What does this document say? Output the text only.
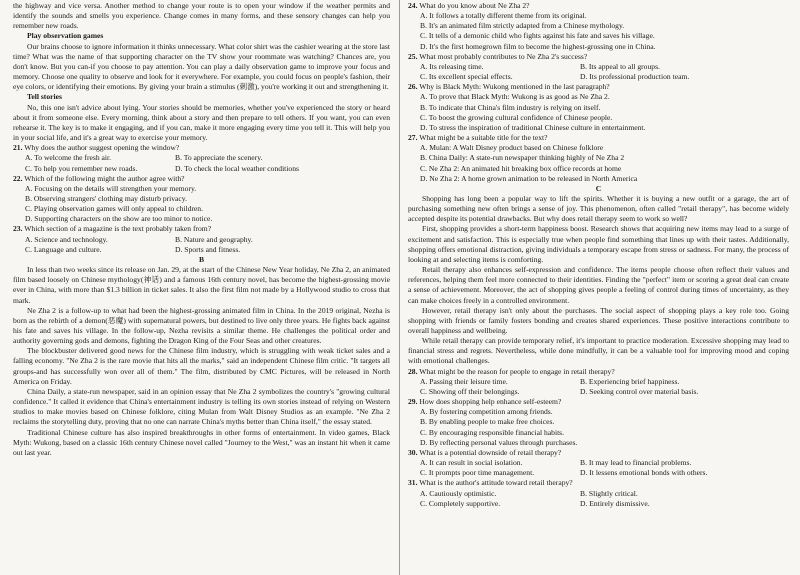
the highway and vice versa. Another method to change your route is to open your window if the weather permits and identify the sounds and smells you experience. Change comes in many forms, and these sensory changes can help you remember new roads.

Play observation games

Our brains choose to ignore information it thinks unnecessary. What color shirt was the cashier wearing at the store last time? What was the name of that supporting character on the TV show your roommate was watching? Chances are, you don't know. But you can-if you choose to pay attention. You can play a daily observation game to improve your focus and memory. Choose one quality to observe and look for it everywhere. For example, you could focus on people's fashion, their eye colors, or identifying their emotions. By giving your brain a stimulus (刺激), you're working it out and strengthening it.

Tell stories

No, this one isn't advice about lying. Your stories should be memories, whether you've experienced the story or heard about it from someone else. Every morning, think about a story and then prepare to tell others. If you want, you can even rehearse it. The key is to make it engaging, and if you can, make it more engaging every time you tell it. This will help you in your social life, and it's a great way to exercise your memory.

21. Why does the author suggest opening the window?

A. To welcome the fresh air.	B. To appreciate the scenery.
C. To help you remember new roads.	D. To check the local weather conditions

22. Which of the following might the author agree with?

A. Focusing on the details will strengthen your memory.

B. Observing strangers' clothing may disturb privacy.

C. Playing observation games will only appeal to children.

D. Supporting characters on the show are too minor to notice.

23. Which section of a magazine is the text probably taken from?

A. Science and technology.	B. Nature and geography.
C. Language and culture.	D. Sports and fitness.

B

In less than two weeks since its release on Jan. 29, at the start of the Chinese New Year holiday, Ne Zha 2, an animated film based loosely on Chinese mythology(神话) and a famous 16th century novel, has become the highest-grossing movie ever in China, with more than $1.3 billion in ticket sales. It also the first film not made by a Hollywood studio to cross that mark.

Ne Zha 2 is a follow-up to what had been the highest-grossing animated film in China. In the 2019 original, Nezha is born as the rebirth of a demon(恶魔) with supernatural powers, but destined to live only three years. He fights back against his fate and saves his village. In the follow-up, Nezha revisits a similar theme. He challenges the political order and authority governing gods and demons, fighting the Dragon King of the Four Seas and other creatures.

The blockbuster delivered good news for the Chinese film industry, which is struggling with weak ticket sales and a falling economy. "Ne Zha 2 is the rare movie that hits all the marks," said an independent Chinese film critic. "It targets all groups-and has successfully won over all of them." The film, distributed by CMC Pictures, will be released in North America on Friday.

China Daily, a state-run newspaper, said in an opinion essay that Ne Zha 2 symbolizes the country's "growing cultural confidence." It called it evidence that China's entertainment industry is telling its own stories instead of relying on Western studios to make movies based on Chinese folklore, citing Mulan from Walt Disney Studios as an example. "Ne Zha 2 reclaims the storytelling duty, proving that no one can narrate China's myths better than China itself," the essay stated.

Traditional Chinese culture has also inspired breakthroughs in other forms of entertainment. In video games, Black Myth: Wukong, based on a classic 16th century Chinese novel called "Journey to the West," was an instant hit when it came out last year.

24. What do you know about Ne Zha 2?

A. It follows a totally different theme from its original.

B. It's an animated film strictly adapted from a Chinese mythology.

C. It tells of a demonic child who fights against his fate and saves his village.

D. It's the first homegrown film to become the highest-grossing one in China.

25. What most probably contributes to Ne Zha 2's success?

A. Its releasing time.	B. Its appeal to all groups.
C. Its excellent special effects.	D. Its professional production team.

26. Why is Black Myth: Wukong mentioned in the last paragraph?

A. To prove that Black Myth: Wukong is as good as Ne Zha 2.

B. To indicate that China's film industry is relying on itself.

C. To boost the growing cultural confidence of Chinese people.

D. To stress the inspiration of traditional Chinese culture in entertainment.

27. What might be a suitable title for the text?

A. Mulan: A Walt Disney product based on Chinese folklore

B. China Daily: A state-run newspaper thinking highly of Ne Zha 2

C. Ne Zha 2: An animated hit breaking box office records at home

D. Ne Zha 2: A home grown animation to be released in North America

C

Shopping has long been a popular way to lift the spirits. Whether it is buying a new outfit or a garage, the art of purchasing something new often brings a sense of joy. This phenomenon, often called "retail therapy", has become widely accepted despite its potential drawbacks. But why does retail therapy seem to work so well?

First, shopping provides a short-term happiness boost. Research shows that acquiring new items may lead to a surge of excitement and satisfaction. This is especially true when people find something that lines up with their tastes. Additionally, shopping offers emotional distraction, giving individuals a temporary escape from stress or sadness. For many, the process of looking at and selecting items is comforting.

Retail therapy also enhances self-expression and confidence. The items people choose often reflect their values and references, helping them feel more connected to their identities. Finding the "perfect" item or scoring a great deal can create a sense of achievement. Moreover, the act of shopping gives people a feeling of control during times of uncertainty, as they can make choices freely in a controlled environment.

However, retail therapy isn't only about the purchases. The social aspect of shopping plays a key role too. Going shopping with friends or family fosters bonding and creates shared experiences. These positive interactions contribute to overall happiness and wellbeing.

While retail therapy can provide temporary relief, it's important to practice moderation. Excessive shopping may lead to financial stress and regrets. Nevertheless, while done mindfully, it can be a valuable tool for improving mood and coping with emotional challenges.

28. What might be the reason for people to engage in retail therapy?

A. Passing their leisure time.	B. Experiencing brief happiness.
C. Showing off their belongings.	D. Seeking control over material basis.

29. How does shopping help enhance self-esteem?

A. By fostering competition among friends.

B. By enabling people to make free choices.

C. By encouraging responsible financial habits.

D. By reflecting personal values through purchases.

30. What is a potential downside of retail therapy?

A. It can result in social isolation.	B. It may lead to financial problems.
C. It prompts poor time management.	D. It lessens emotional bonds with others.

31. What is the author's attitude toward retail therapy?

A. Cautiously optimistic.	B. Slightly critical.
C. Completely supportive.	D. Entirely dismissive.
